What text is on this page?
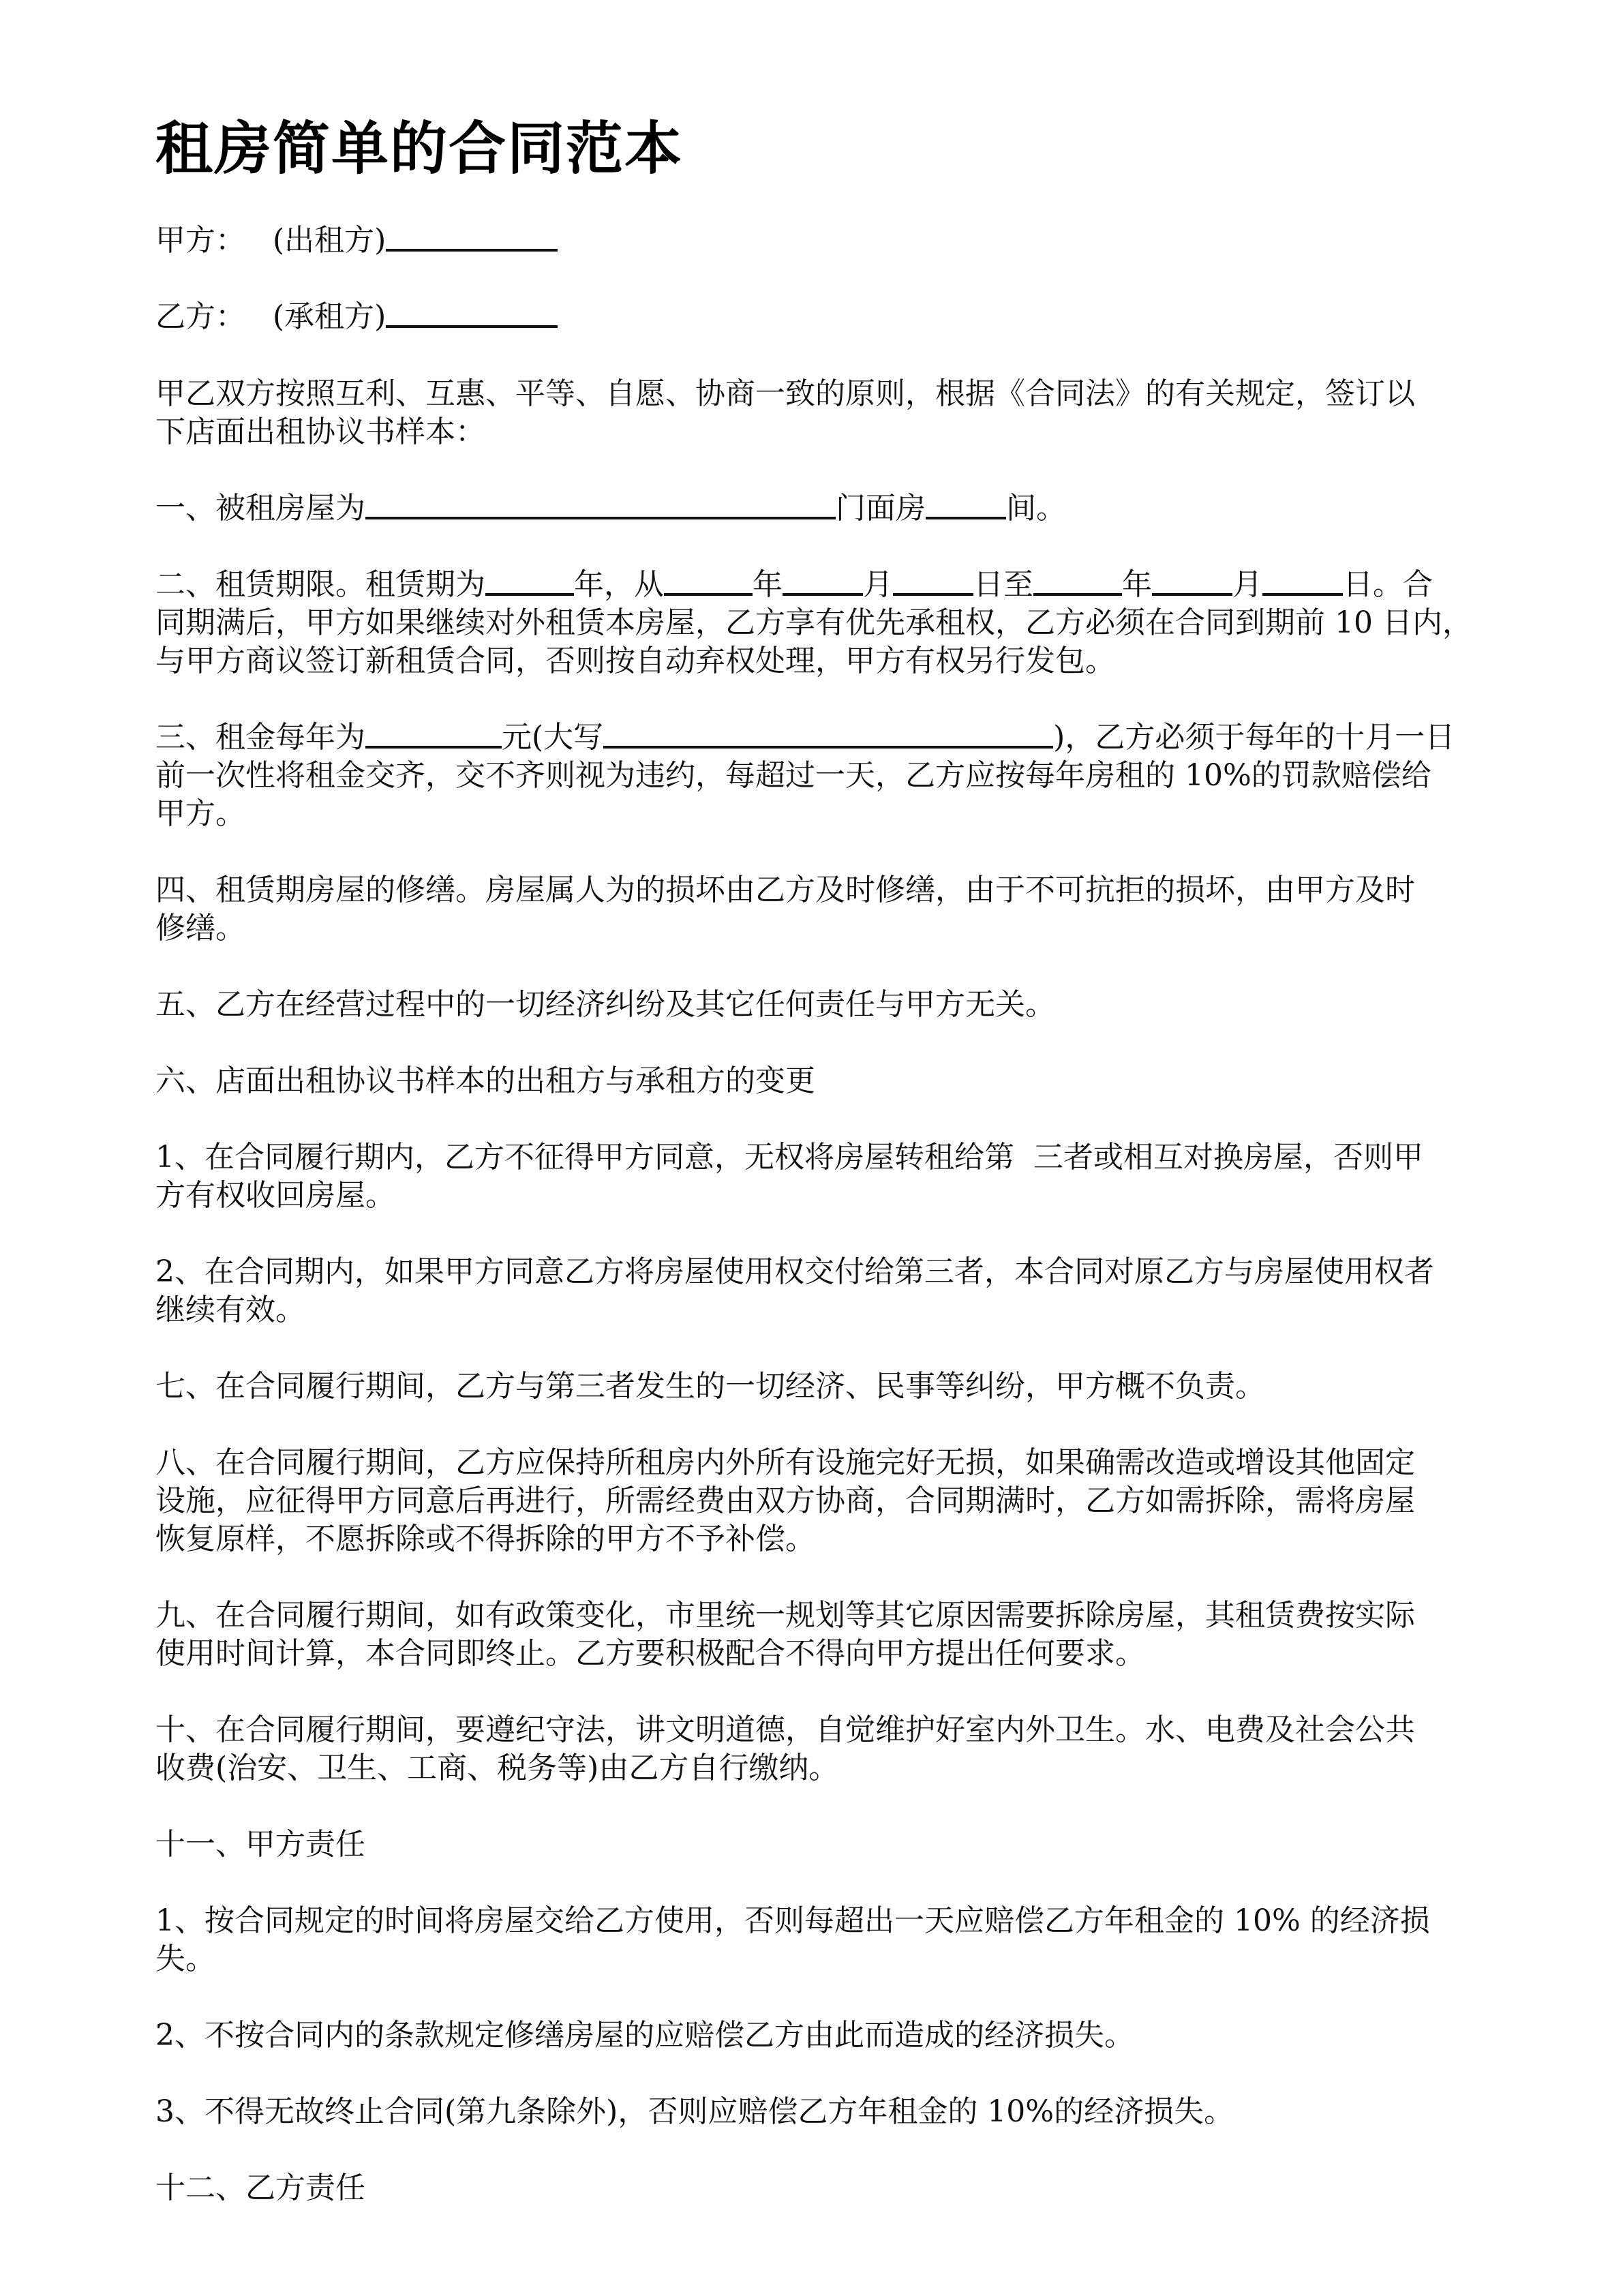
租房简单的合同范本

甲方： (出租方)

乙方： (承租方)

甲乙双方按照互利、互惠、平等、自愿、协商一致的原则，根据《合同法》的有关规定，签订以
下店面出租协议书样本：

一、被租房屋为	门面房	间。

二、租赁期限。租赁期为	年，从	年	月	日至	年	月	日。合
同期满后，甲方如果继续对外租赁本房屋，乙方享有优先承租权，乙方必须在合同到期前 10 日内，
与甲方商议签订新租赁合同，否则按自动弃权处理，甲方有权另行发包。
三、租金每年为	元(大写	)，乙方必须于每年的十月一日
前一次性将租金交齐，交不齐则视为违约，每超过一天，乙方应按每年房租的 10%的罚款赔偿给
甲方。
四、租赁期房屋的修缮。房屋属人为的损坏由乙方及时修缮，由于不可抗拒的损坏，由甲方及时
修缮。

五、乙方在经营过程中的一切经济纠纷及其它任何责任与甲方无关。

六、店面出租协议书样本的出租方与承租方的变更

1、在合同履行期内，乙方不征得甲方同意，无权将房屋转租给第  三者或相互对换房屋，否则甲
方有权收回房屋。
2、在合同期内，如果甲方同意乙方将房屋使用权交付给第三者，本合同对原乙方与房屋使用权者
继续有效。

七、在合同履行期间，乙方与第三者发生的一切经济、民事等纠纷，甲方概不负责。

八、在合同履行期间，乙方应保持所租房内外所有设施完好无损，如果确需改造或增设其他固定
设施，应征得甲方同意后再进行，所需经费由双方协商，合同期满时，乙方如需拆除，需将房屋
恢复原样，不愿拆除或不得拆除的甲方不予补偿。
九、在合同履行期间，如有政策变化，市里统一规划等其它原因需要拆除房屋，其租赁费按实际
使用时间计算，本合同即终止。乙方要积极配合不得向甲方提出任何要求。
十、在合同履行期间，要遵纪守法，讲文明道德，自觉维护好室内外卫生。水、电费及社会公共
收费(治安、卫生、工商、税务等)由乙方自行缴纳。

十一、甲方责任

1、按合同规定的时间将房屋交给乙方使用，否则每超出一天应赔偿乙方年租金的 10% 的经济损
失。

2、不按合同内的条款规定修缮房屋的应赔偿乙方由此而造成的经济损失。

3、不得无故终止合同(第九条除外)，否则应赔偿乙方年租金的 10%的经济损失。

十二、乙方责任
